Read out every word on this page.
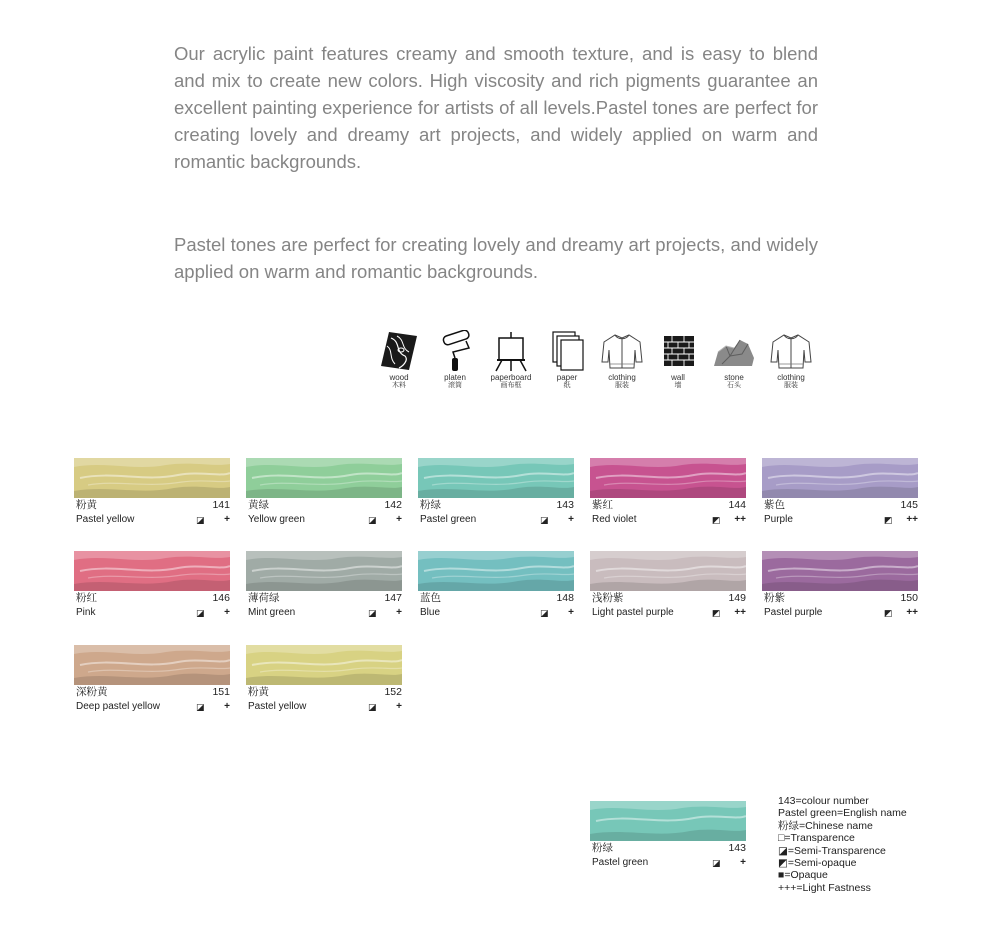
Our acrylic paint features creamy and smooth texture, and is easy to blend and mix to create new colors. High viscosity and rich pigments guarantee an excellent painting experience for artists of all levels.Pastel tones are perfect for creating lovely and dreamy art projects, and widely applied on warm and romantic backgrounds.
Pastel tones are perfect for creating lovely and dreamy art projects, and widely applied on warm and romantic backgrounds.
wood
木料
platen
滚筒
paperboard
画布框
paper
纸
clothing
服装
wall
墙
stone
石头
clothing
服装
粉黄	141
Pastel yellow	◪ +
黄绿	142
Yellow green	◪ +
粉绿	143
Pastel green	◪ +
紫红	144
Red violet	◩ ++
紫色	145
Purple	◩ ++
粉红	146
Pink	◪ +
薄荷绿	147
Mint green	◪ +
蓝色	148
Blue	◪ +
浅粉紫	149
Light pastel purple	◩ ++
粉紫	150
Pastel purple	◩ ++
深粉黄	151
Deep pastel yellow	◪ +
粉黄	152
Pastel yellow	◪ +
粉绿	143
Pastel green	◪ +
143=colour number
Pastel green=English name
粉绿=Chinese name
□=Transparence
◪=Semi-Transparence
◩=Semi-opaque
■=Opaque
+++=Light Fastness
